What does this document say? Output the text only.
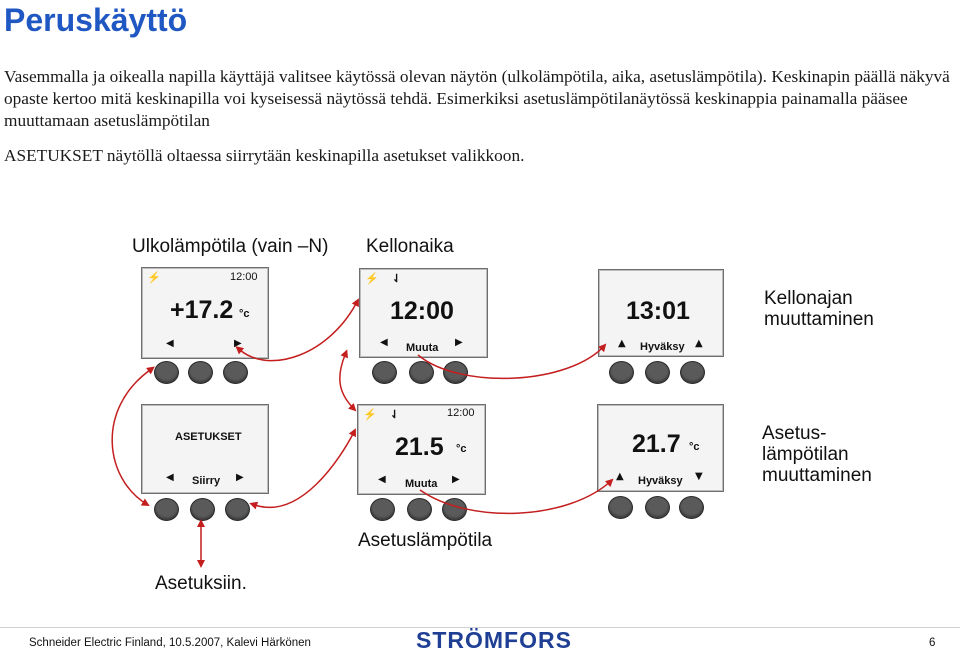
Peruskäyttö
Vasemmalla ja oikealla napilla käyttäjä valitsee käytössä olevan näytön (ulkolämpötila, aika, asetuslämpötila). Keskinapin päällä näkyvä opaste kertoo mitä keskinapilla voi kyseisessä näytössä tehdä. Esimerkiksi asetuslämpötilanäytössä keskinappia painamalla pääsee muuttamaan asetuslämpötilan
ASETUKSET näytöllä oltaessa siirrytään keskinapilla asetukset valikkoon.
Ulkolämpötila (vain –N) Kellonaika
Kellonajan
muuttaminen
Asetus-
lämpötilan
muuttaminen
Asetuslämpötila
Asetuksiin.
⚡	12:00
+17.2 °c
◀	▶
⚡ ⇃
12:00
◀ Muuta ▶
13:01
▲ Hyväksy ▲
ASETUKSET
◀ Siirry ▶
⚡ ⇃	12:00
21.5 °c
◀ Muuta ▶
21.7 °c
▲ Hyväksy ▼
Schneider Electric Finland, 10.5.2007, Kalevi Härkönen	STRÖMFORS	6
